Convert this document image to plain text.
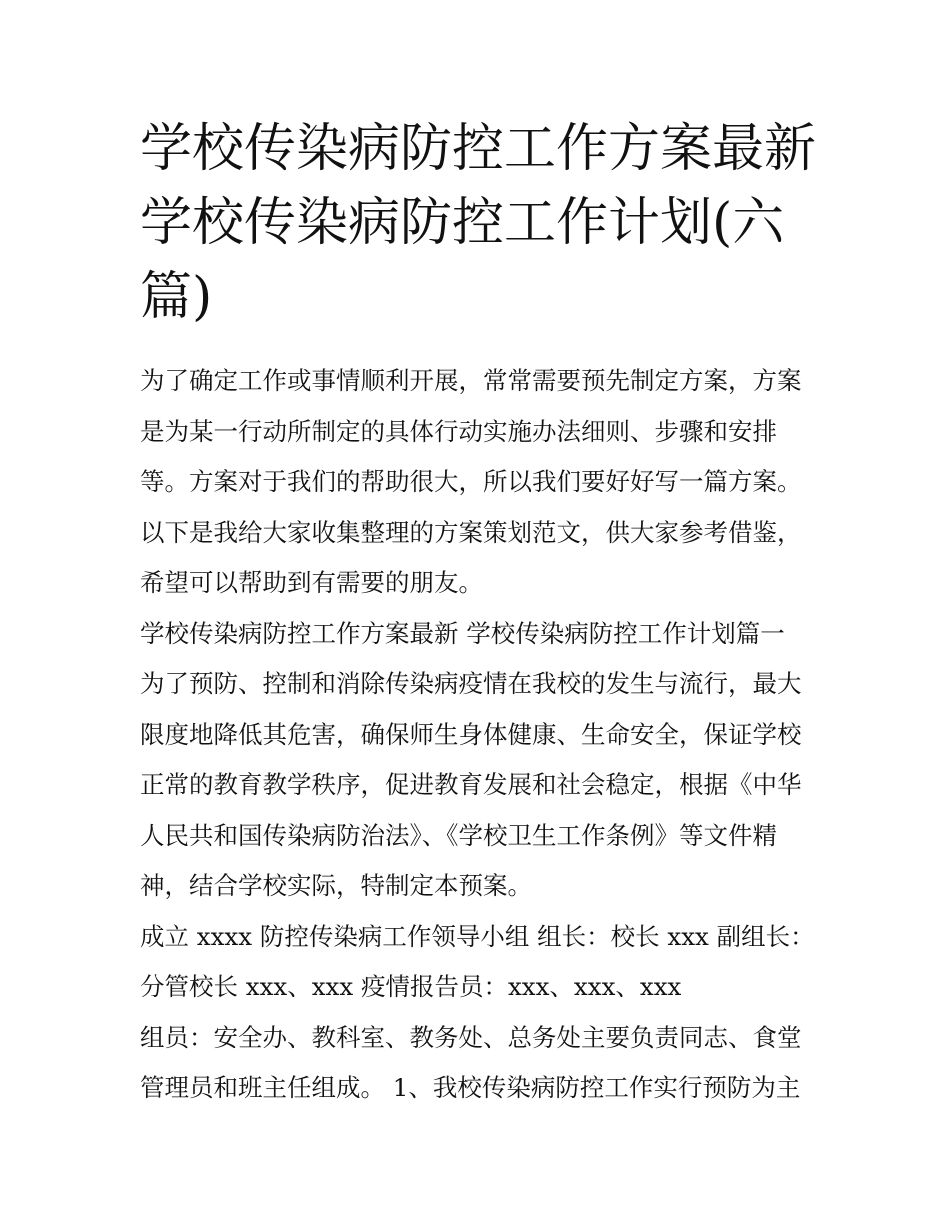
学校传染病防控工作方案最新
学校传染病防控工作计划(六
篇)
为了确定工作或事情顺利开展，常常需要预先制定方案，方案
是为某一行动所制定的具体行动实施办法细则、步骤和安排
等。方案对于我们的帮助很大，所以我们要好好写一篇方案。
以下是我给大家收集整理的方案策划范文，供大家参考借鉴，
希望可以帮助到有需要的朋友。
学校传染病防控工作方案最新 学校传染病防控工作计划篇一
为了预防、控制和消除传染病疫情在我校的发生与流行，最大
限度地降低其危害，确保师生身体健康、生命安全，保证学校
正常的教育教学秩序，促进教育发展和社会稳定，根据《中华
人民共和国传染病防治法》、《学校卫生工作条例》等文件精
神，结合学校实际，特制定本预案。
成立 xxxx 防控传染病工作领导小组 组长：校长 xxx 副组长：
分管校长 xxx、xxx 疫情报告员：xxx、xxx、xxx
组员：安全办、教科室、教务处、总务处主要负责同志、食堂
管理员和班主任组成。 1、我校传染病防控工作实行预防为主
